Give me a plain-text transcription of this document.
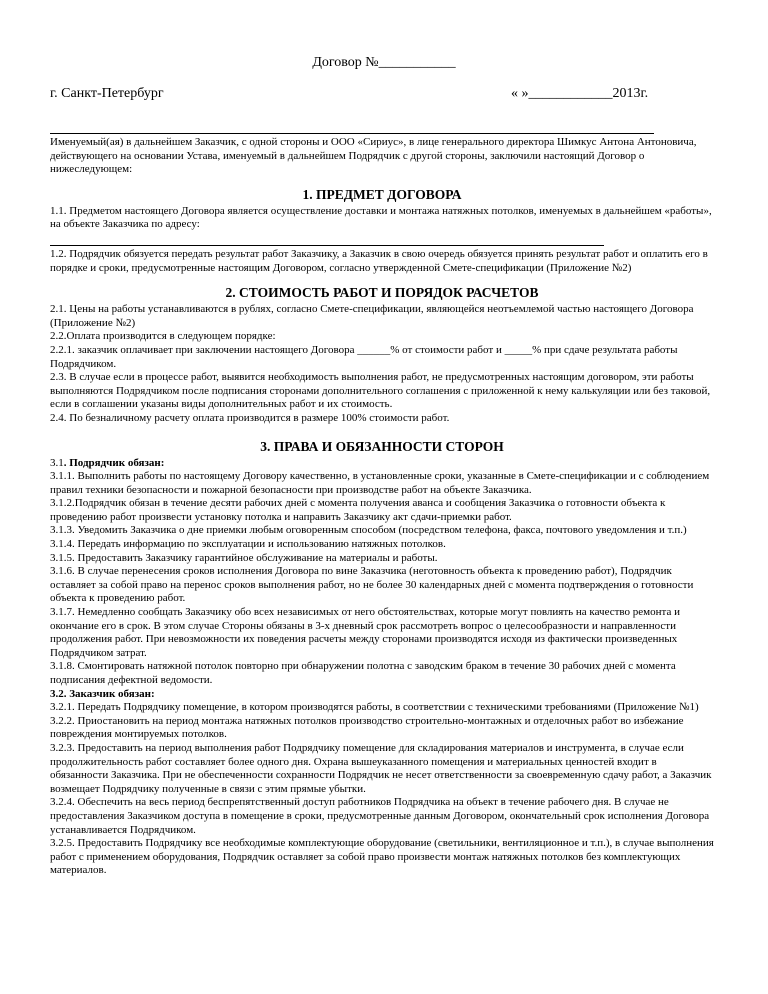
Договор №___________
г. Санкт-Петербург	« »____________2013г.

Именуемый(ая) в дальнейшем Заказчик, с одной стороны и ООО «Сириус», в лице генерального директора Шимкус Антона Антоновича, действующего на основании Устава, именуемый в дальнейшем Подрядчик с другой стороны, заключили настоящий Договор о нижеследующем:

1. ПРЕДМЕТ ДОГОВОРА

1.1. Предметом настоящего Договора является осуществление доставки и монтажа натяжных потолков, именуемых в дальнейшем «работы», на объекте Заказчика по адресу:

1.2. Подрядчик обязуется передать результат работ Заказчику, а Заказчик в свою очередь обязуется принять результат работ и оплатить его в порядке и сроки, предусмотренные настоящим Договором, согласно утвержденной Смете-спецификации (Приложение №2)

2. СТОИМОСТЬ РАБОТ И ПОРЯДОК РАСЧЕТОВ

2.1. Цены на работы устанавливаются в рублях, согласно Смете-спецификации, являющейся неотъемлемой частью настоящего Договора (Приложение №2)

2.2.Оплата производится в следующем порядке:

2.2.1. заказчик оплачивает при заключении настоящего Договора ______% от стоимости работ и _____% при сдаче результата работы Подрядчиком.

2.3. В случае если в процессе работ, выявится необходимость выполнения работ, не предусмотренных настоящим договором, эти работы выполняются Подрядчиком после подписания сторонами дополнительного соглашения с приложенной к нему калькуляции или без таковой, если в соглашении указаны виды дополнительных работ и их стоимость.

2.4. По безналичному расчету оплата производится в размере 100% стоимости работ.

3. ПРАВА И ОБЯЗАННОСТИ СТОРОН

3.1. Подрядчик обязан:

3.1.1. Выполнить работы по настоящему Договору качественно, в установленные сроки, указанные в Смете-спецификации и с соблюдением правил техники безопасности и пожарной безопасности при производстве работ на объекте Заказчика.

3.1.2.Подрядчик обязан в течение десяти рабочих дней с момента получения аванса и сообщения Заказчика о готовности объекта к проведению работ произвести установку потолка и направить Заказчику акт сдачи-приемки работ.

3.1.3. Уведомить Заказчика о дне приемки любым оговоренным способом (посредством телефона, факса, почтового уведомления и т.п.)

3.1.4. Передать информацию по эксплуатации и использованию натяжных потолков.

3.1.5. Предоставить Заказчику гарантийное обслуживание на материалы и работы.

3.1.6. В случае перенесения сроков исполнения Договора по вине Заказчика (неготовность объекта к проведению работ), Подрядчик оставляет за собой право на перенос сроков выполнения работ, но не более 30 календарных дней с момента подтверждения о готовности объекта к проведению работ.

3.1.7. Немедленно сообщать Заказчику обо всех независимых от него обстоятельствах, которые могут повлиять на качество ремонта и окончание его в срок. В этом случае Стороны обязаны в 3-х дневный срок рассмотреть вопрос о целесообразности и направленности продолжения работ. При невозможности их поведения расчеты между сторонами производятся исходя из фактически произведенных Подрядчиком затрат.

3.1.8. Смонтировать натяжной потолок повторно при обнаружении полотна с заводским браком в течение 30 рабочих дней с момента подписания дефектной ведомости.

3.2. Заказчик обязан:

3.2.1. Передать Подрядчику помещение, в котором производятся работы, в соответствии с техническими требованиями (Приложение №1)

3.2.2. Приостановить на период монтажа натяжных потолков производство строительно-монтажных и отделочных работ во избежание повреждения монтируемых потолков.

3.2.3. Предоставить на период выполнения работ Подрядчику помещение для складирования материалов и инструмента, в случае если продолжительность работ составляет более одного дня. Охрана вышеуказанного помещения и материальных ценностей входит в обязанности Заказчика. При не обеспеченности сохранности Подрядчик не несет ответственности за своевременную сдачу работ, а Заказчик возмещает Подрядчику полученные в связи с этим прямые убытки.

3.2.4. Обеспечить на весь период беспрепятственный доступ работников Подрядчика на объект в течение рабочего дня. В случае не предоставления Заказчиком доступа в помещение в сроки, предусмотренные данным Договором, окончательный срок исполнения Договора устанавливается Подрядчиком.

3.2.5. Предоставить Подрядчику все необходимые комплектующие оборудование (светильники, вентиляционное и т.п.), в случае выполнения работ с применением оборудования, Подрядчик оставляет за собой право произвести монтаж натяжных потолков без комплектующих материалов.
